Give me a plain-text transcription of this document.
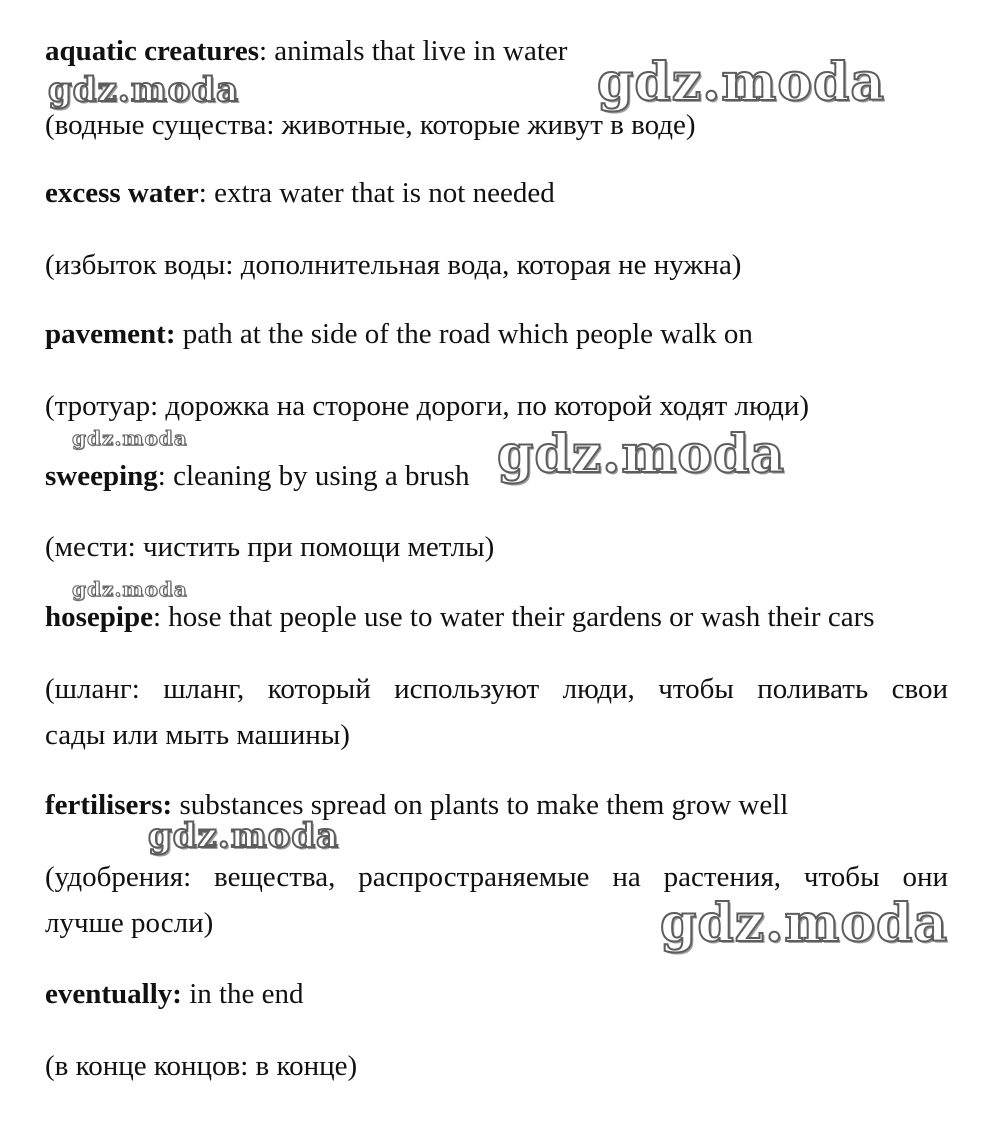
aquatic creatures: animals that live in water
(водные существа: животные, которые живут в воде)
excess water: extra water that is not needed
(избыток воды: дополнительная вода, которая не нужна)
pavement: path at the side of the road which people walk on
(тротуар: дорожка на стороне дороги, по которой ходят люди)
sweeping: cleaning by using a brush
(мести: чистить при помощи метлы)
hosepipe: hose that people use to water their gardens or wash their cars
(шланг: шланг, который используют люди, чтобы поливать свои
сады или мыть машины)
fertilisers: substances spread on plants to make them grow well
(удобрения: вещества, распространяемые на растения, чтобы они
лучше росли)
eventually: in the end
(в конце концов: в конце)
gdz.moda	gdz.moda
gdz.moda	gdz.moda
gdz.moda
gdz.moda
gdz.moda
